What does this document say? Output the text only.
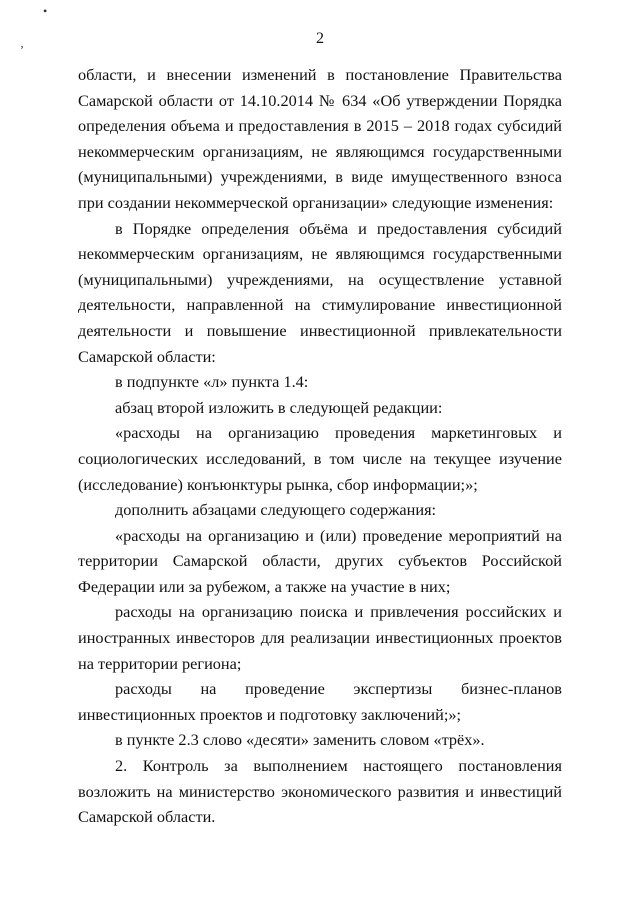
•
‚	2

области, и внесении изменений в постановление Правительства Самарской области от 14.10.2014 № 634 «Об утверждении Порядка определения объема и предоставления в 2015 – 2018 годах субсидий некоммерческим организациям, не являющимся государственными (муниципальными) учреждениями, в виде имущественного взноса при создании некоммерческой организации» следующие изменения:

в Порядке определения объёма и предоставления субсидий некоммерческим организациям, не являющимся государственными (муниципальными) учреждениями, на осуществление уставной деятельности, направленной на стимулирование инвестиционной деятельности и повышение инвестиционной привлекательности Самарской области:

в подпункте «л» пункта 1.4:

абзац второй изложить в следующей редакции:

«расходы на организацию проведения маркетинговых и социологических исследований, в том числе на текущее изучение (исследование) конъюнктуры рынка, сбор информации;»;

дополнить абзацами следующего содержания:

«расходы на организацию и (или) проведение мероприятий на территории Самарской области, других субъектов Российской Федерации или за рубежом, а также на участие в них;

расходы на организацию поиска и привлечения российских и иностранных инвесторов для реализации инвестиционных проектов на территории региона;

расходы на проведение экспертизы бизнес-планов инвестиционных проектов и подготовку заключений;»;

в пункте 2.3 слово «десяти» заменить словом «трёх».

2. Контроль за выполнением настоящего постановления возложить на министерство экономического развития и инвестиций Самарской области.
